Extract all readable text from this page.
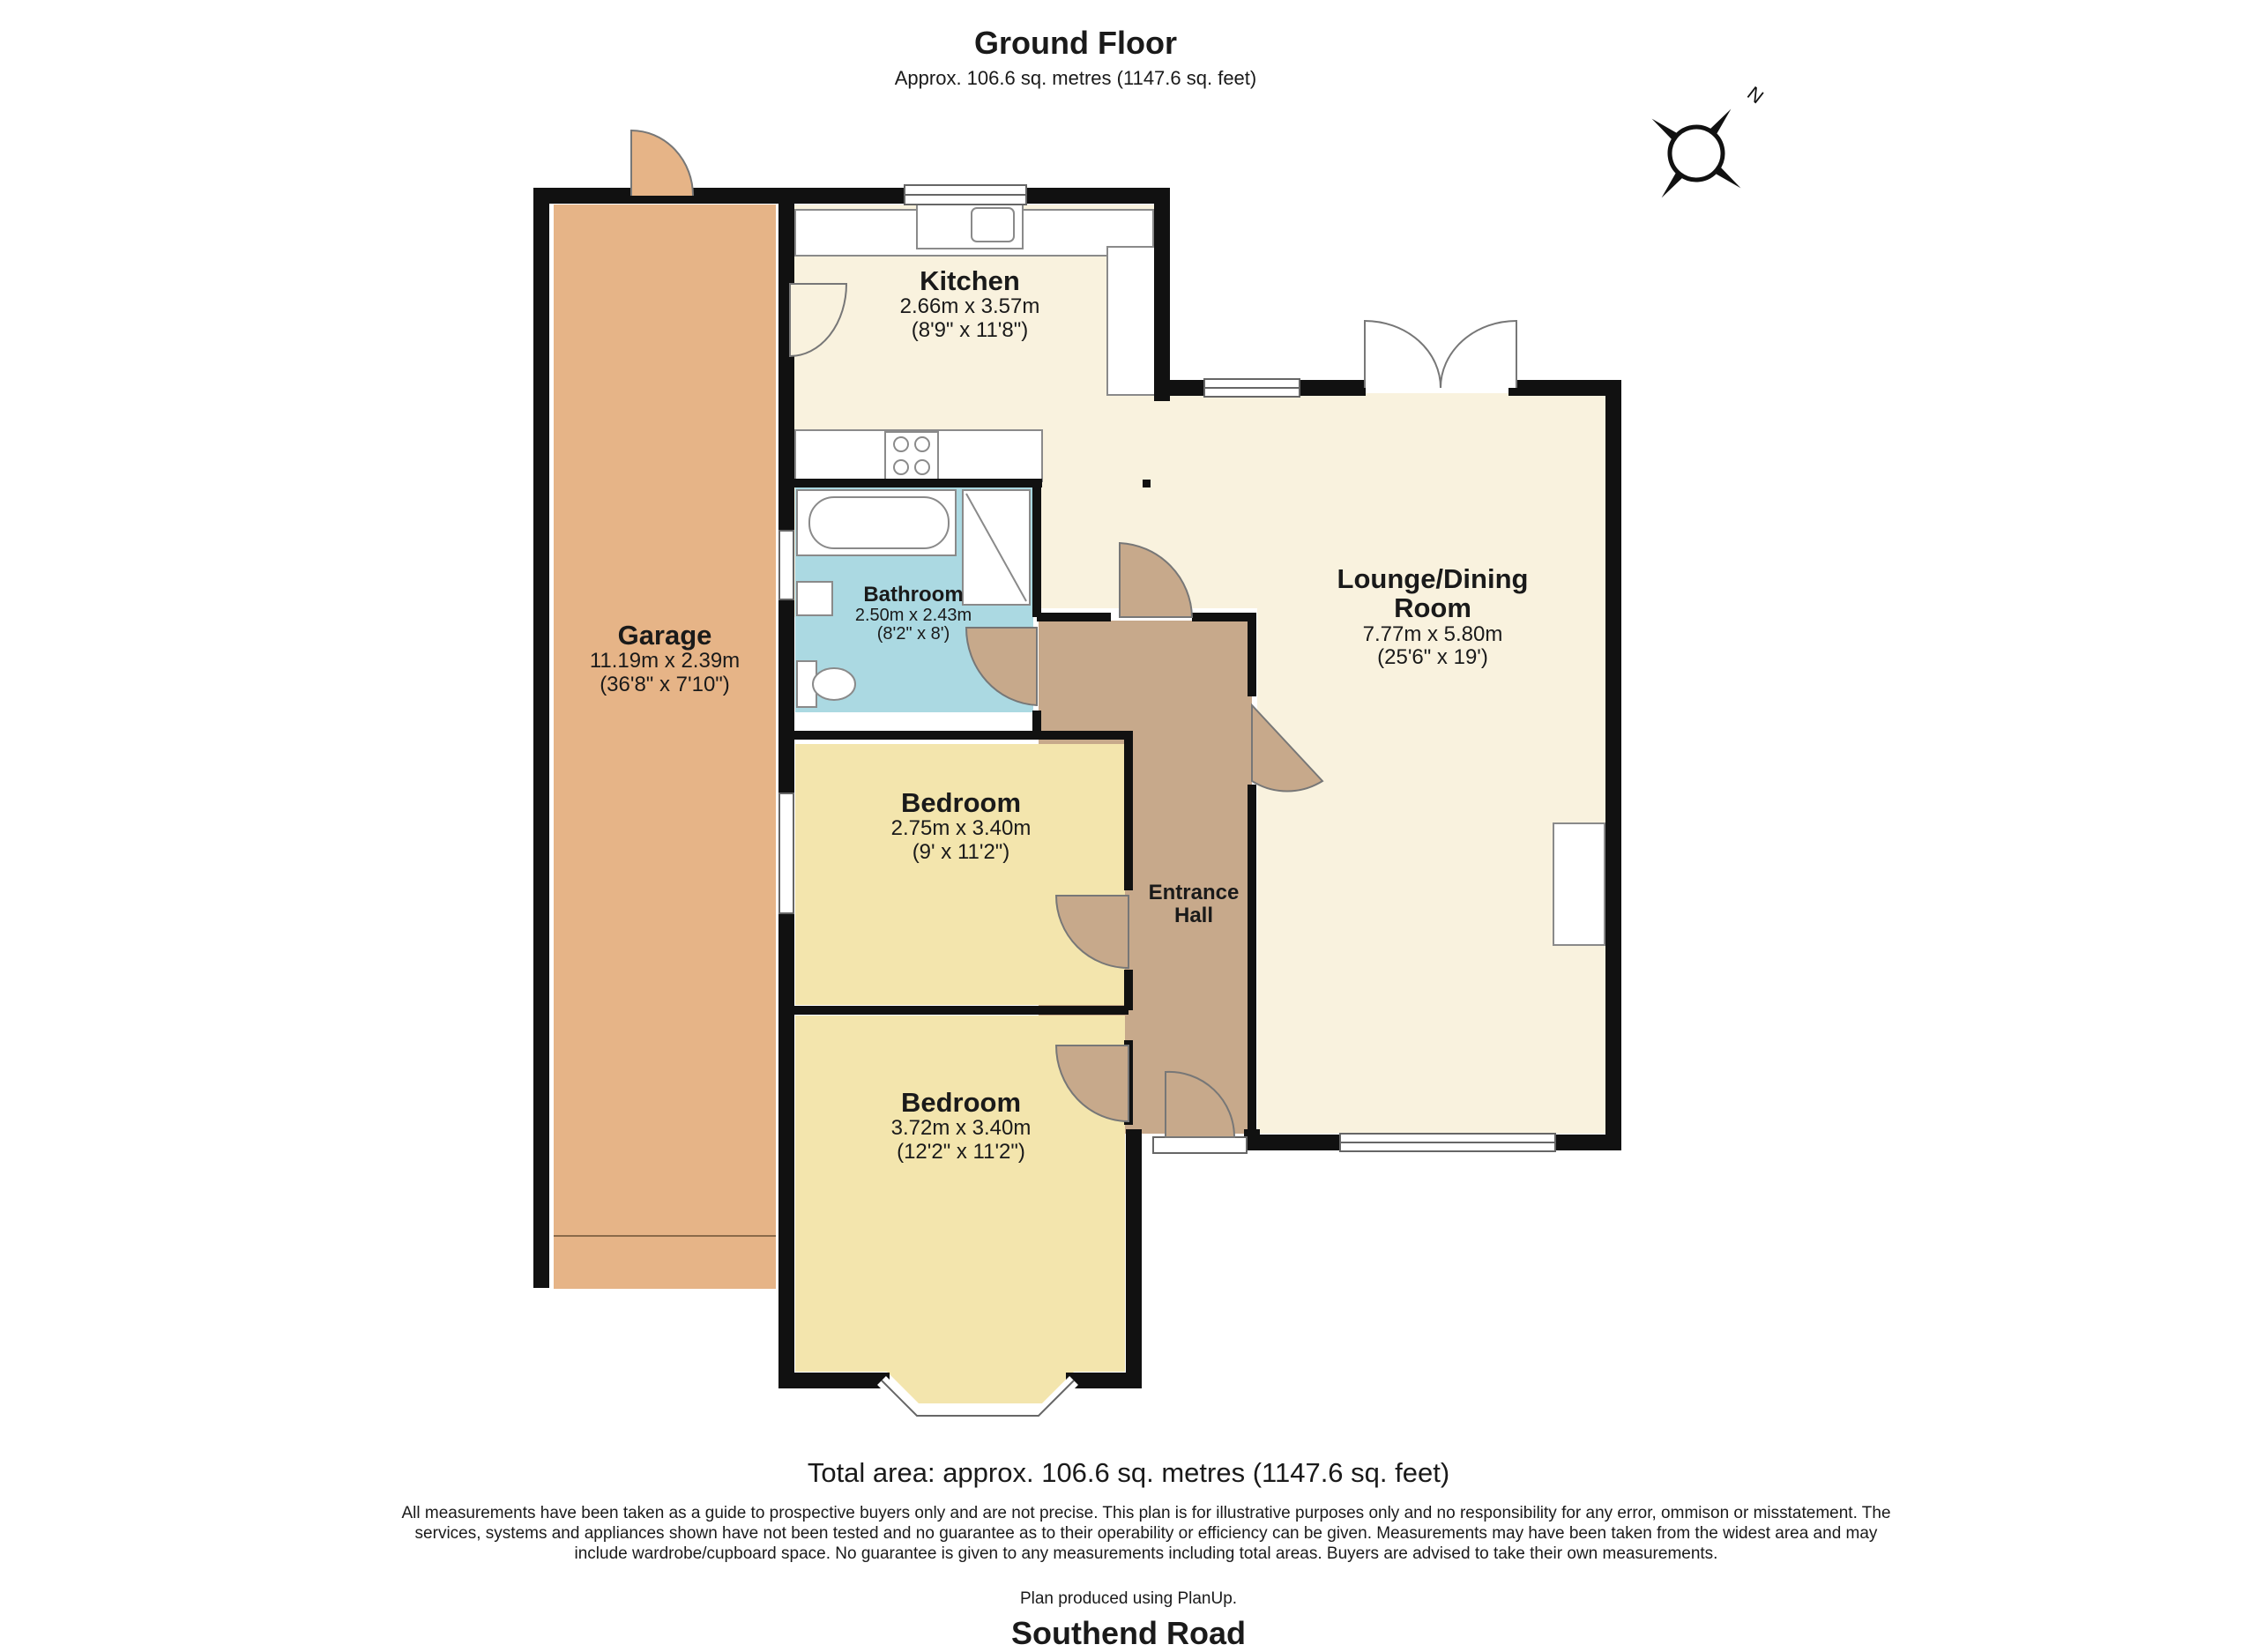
Ground Floor
Approx. 106.6 sq. metres (1147.6 sq. feet)
N
Garage
11.19m x 2.39m
(36'8" x 7'10")
Kitchen
2.66m x 3.57m
(8'9" x 11'8")
Bathroom
2.50m x 2.43m
(8'2" x 8')
Lounge/Dining
Room
7.77m x 5.80m
(25'6" x 19')
Bedroom
2.75m x 3.40m
(9' x 11'2")
Bedroom
3.72m x 3.40m
(12'2" x 11'2")
Entrance
Hall
Total area: approx. 106.6 sq. metres (1147.6 sq. feet)
All measurements have been taken as a guide to prospective buyers only and are not precise. This plan is for illustrative purposes only and no responsibility for any error, ommison or misstatement. The services, systems and appliances shown have not been tested and no guarantee as to their operability or efficiency can be given. Measurements may have been taken from the widest area and may include wardrobe/cupboard space. No guarantee is given to any measurements including total areas. Buyers are advised to take their own measurements.
Plan produced using PlanUp.
Southend Road
